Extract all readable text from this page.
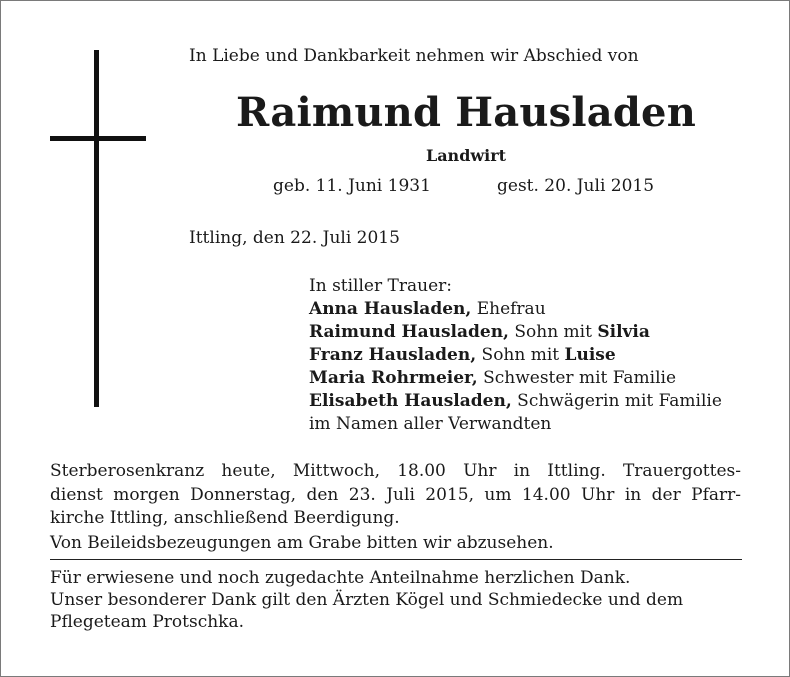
In Liebe und Dankbarkeit nehmen wir Abschied von
Raimund Hausladen
Landwirt
geb. 11. Juni 1931	gest. 20. Juli 2015
Ittling, den 22. Juli 2015
In stiller Trauer:
Anna Hausladen, Ehefrau
Raimund Hausladen, Sohn mit Silvia
Franz Hausladen, Sohn mit Luise
Maria Rohrmeier, Schwester mit Familie
Elisabeth Hausladen, Schwägerin mit Familie
im Namen aller Verwandten
Sterberosenkranz heute, Mittwoch, 18.00 Uhr in Ittling. Trauergottes-
dienst morgen Donnerstag, den 23. Juli 2015, um 14.00 Uhr in der Pfarr-
kirche Ittling, anschließend Beerdigung.
Von Beileidsbezeugungen am Grabe bitten wir abzusehen.
Für erwiesene und noch zugedachte Anteilnahme herzlichen Dank.
Unser besonderer Dank gilt den Ärzten Kögel und Schmiedecke und dem
Pflegeteam Protschka.
